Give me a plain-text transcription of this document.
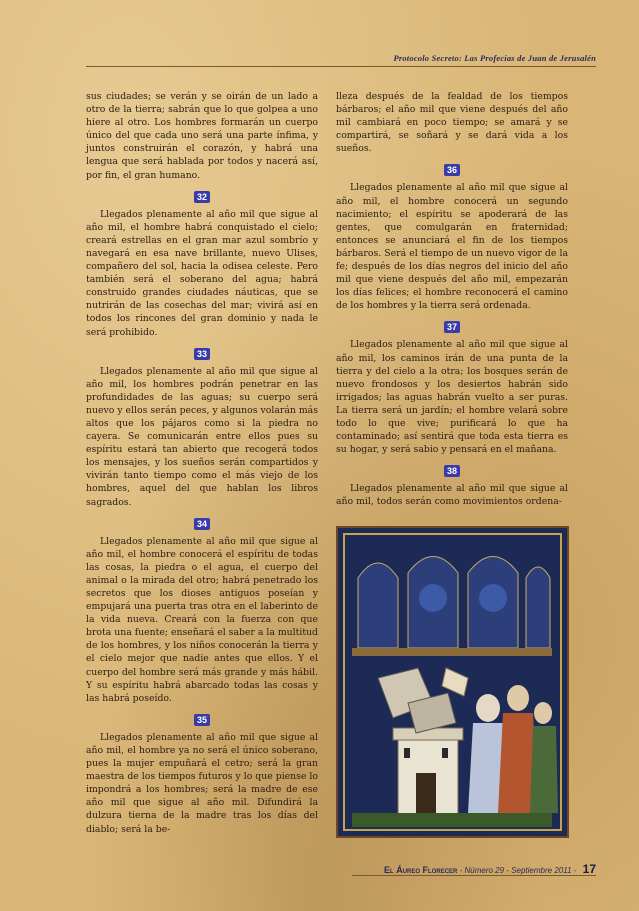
Protocolo Secreto: Las Profecías de Juan de Jerusalén

sus ciudades; se verán y se oirán de un lado a otro de la tierra; sabrán que lo que golpea a uno hiere al otro. Los hombres formarán un cuerpo único del que cada uno será una parte ínfima, y juntos construirán el corazón, y habrá una lengua que será hablada por todos y nacerá así, por fin, el gran humano.

32

Llegados plenamente al año mil que sigue al año mil, el hombre habrá conquistado el cielo; creará estrellas en el gran mar azul sombrío y navegará en esa nave brillante, nuevo Ulises, compañero del sol, hacia la odisea celeste. Pero también será el soberano del agua; habrá construido grandes ciudades náuticas, que se nutrirán de las cosechas del mar; vivirá así en todos los rincones del gran dominio y nada le será prohibido.

33

Llegados plenamente al año mil que sigue al año mil, los hombres podrán penetrar en las profundidades de las aguas; su cuerpo será nuevo y ellos serán peces, y algunos volarán más altos que los pájaros como si la piedra no cayera. Se comunicarán entre ellos pues su espíritu estará tan abierto que recogerá todos los mensajes, y los sueños serán compartidos y vivirán tanto tiempo como el más viejo de los hombres, aquel del que hablan los libros sagrados.

34

Llegados plenamente al año mil que sigue al año mil, el hombre conocerá el espíritu de todas las cosas, la piedra o el agua, el cuerpo del animal o la mirada del otro; habrá penetrado los secretos que los dioses antiguos poseían y empujará una puerta tras otra en el laberinto de la vida nueva. Creará con la fuerza con que brota una fuente; enseñará el saber a la multitud de los hombres, y los niños conocerán la tierra y el cielo mejor que nadie antes que ellos. Y el cuerpo del hombre será más grande y más hábil. Y su espíritu habrá abarcado todas las cosas y las habrá poseído.

35

Llegados plenamente al año mil que sigue al año mil, el hombre ya no será el único soberano, pues la mujer empuñará el cetro; será la gran maestra de los tiempos futuros y lo que piense lo impondrá a los hombres; será la madre de ese año mil que sigue al año mil. Difundirá la dulzura tierna de la madre tras los días del diablo; será la be-

lleza después de la fealdad de los tiempos bárbaros; el año mil que viene después del año mil cambiará en poco tiempo; se amará y se compartirá, se soñará y se dará vida a los sueños.

36

Llegados plenamente al año mil que sigue al año mil, el hombre conocerá un segundo nacimiento; el espíritu se apoderará de las gentes, que comulgarán en fraternidad; entonces se anunciará el fin de los tiempos bárbaros. Será el tiempo de un nuevo vigor de la fe; después de los días negros del inicio del año mil que viene después del año mil, empezarán los días felices; el hombre reconocerá el camino de los hombres y la tierra será ordenada.

37

Llegados plenamente al año mil que sigue al año mil, los caminos irán de una punta de la tierra y del cielo a la otra; los bosques serán de nuevo frondosos y los desiertos habrán sido irrigados; las aguas habrán vuelto a ser puras. La tierra será un jardín; el hombre velará sobre todo lo que vive; purificará lo que ha contaminado; así sentirá que toda esta tierra es su hogar, y será sabio y pensará en el mañana.

38

Llegados plenamente al año mil que sigue al año mil, todos serán como movimientos ordena-

El Áureo Florecer - Número 29 - Septiembre 2011 - 17
